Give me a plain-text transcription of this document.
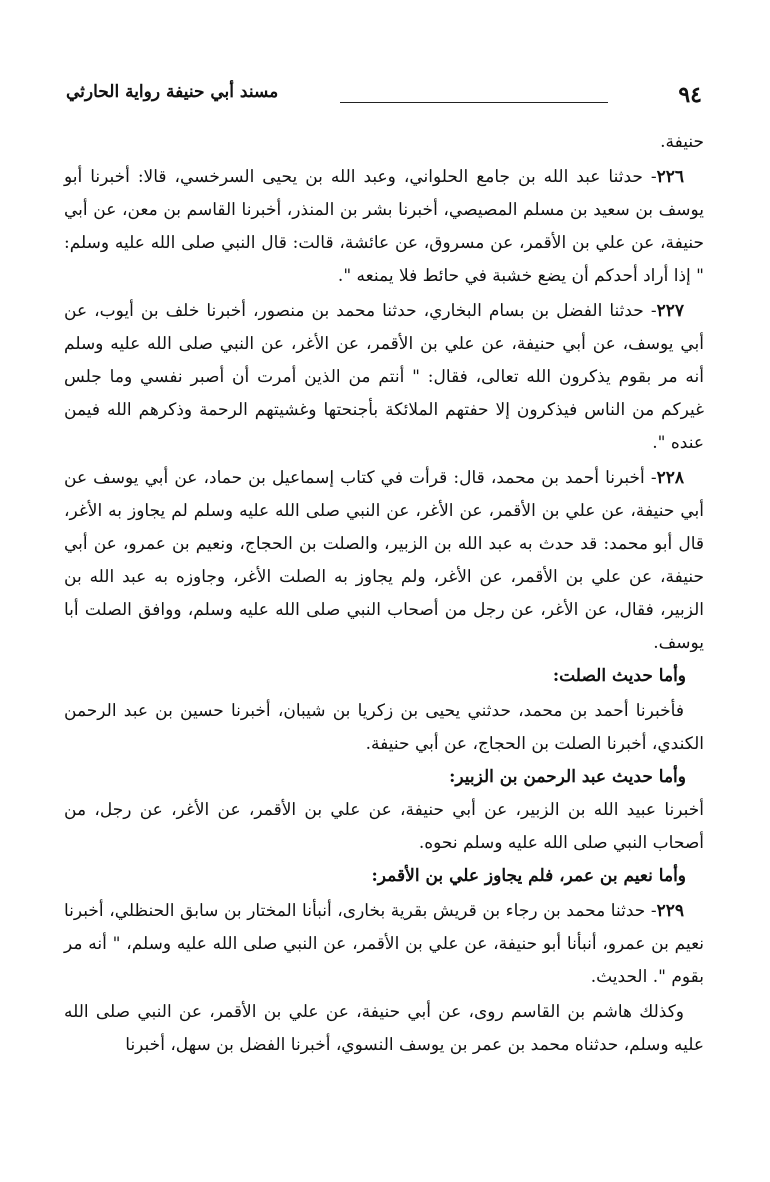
٩٤
مسند أبي حنيفة رواية الحارثي

حنيفة.

٢٢٦- حدثنا عبد الله بن جامع الحلواني، وعبد الله بن يحيى السرخسي، قالا: أخبرنا أبو يوسف بن سعيد بن مسلم المصيصي، أخبرنا بشر بن المنذر، أخبرنا القاسم بن معن، عن أبي حنيفة، عن علي بن الأقمر، عن مسروق، عن عائشة، قالت: قال النبي صلى الله عليه وسلم: " إذا أراد أحدكم أن يضع خشبة في حائط فلا يمنعه ".

٢٢٧- حدثنا الفضل بن بسام البخاري، حدثنا محمد بن منصور، أخبرنا خلف بن أيوب، عن أبي يوسف، عن أبي حنيفة، عن علي بن الأقمر، عن الأغر، عن النبي صلى الله عليه وسلم أنه مر بقوم يذكرون الله تعالى، فقال: " أنتم من الذين أمرت أن أصبر نفسي وما جلس غيركم من الناس فيذكرون إلا حفتهم الملائكة بأجنحتها وغشيتهم الرحمة وذكرهم الله فيمن عنده ".

٢٢٨- أخبرنا أحمد بن محمد، قال: قرأت في كتاب إسماعيل بن حماد، عن أبي يوسف عن أبي حنيفة، عن علي بن الأقمر، عن الأغر، عن النبي صلى الله عليه وسلم لم يجاوز به الأغر، قال أبو محمد: قد حدث به عبد الله بن الزبير، والصلت بن الحجاج، ونعيم بن عمرو، عن أبي حنيفة، عن علي بن الأقمر، عن الأغر، ولم يجاوز به الصلت الأغر، وجاوزه به عبد الله بن الزبير، فقال، عن الأغر، عن رجل من أصحاب النبي صلى الله عليه وسلم، ووافق الصلت أبا يوسف.

وأما حديث الصلت:

فأخبرنا أحمد بن محمد، حدثني يحيى بن زكريا بن شيبان، أخبرنا حسين بن عبد الرحمن الكندي، أخبرنا الصلت بن الحجاج، عن أبي حنيفة.

وأما حديث عبد الرحمن بن الزبير:

أخبرنا عبيد الله بن الزبير، عن أبي حنيفة، عن علي بن الأقمر، عن الأغر، عن رجل، من أصحاب النبي صلى الله عليه وسلم نحوه.

وأما نعيم بن عمر، فلم يجاوز علي بن الأقمر:

٢٢٩- حدثنا محمد بن رجاء بن قريش بقرية بخارى، أنبأنا المختار بن سابق الحنظلي، أخبرنا نعيم بن عمرو، أنبأنا أبو حنيفة، عن علي بن الأقمر، عن النبي صلى الله عليه وسلم، " أنه مر بقوم ". الحديث.

وكذلك هاشم بن القاسم روى، عن أبي حنيفة، عن علي بن الأقمر، عن النبي صلى الله عليه وسلم، حدثناه محمد بن عمر بن يوسف النسوي، أخبرنا الفضل بن سهل، أخبرنا
